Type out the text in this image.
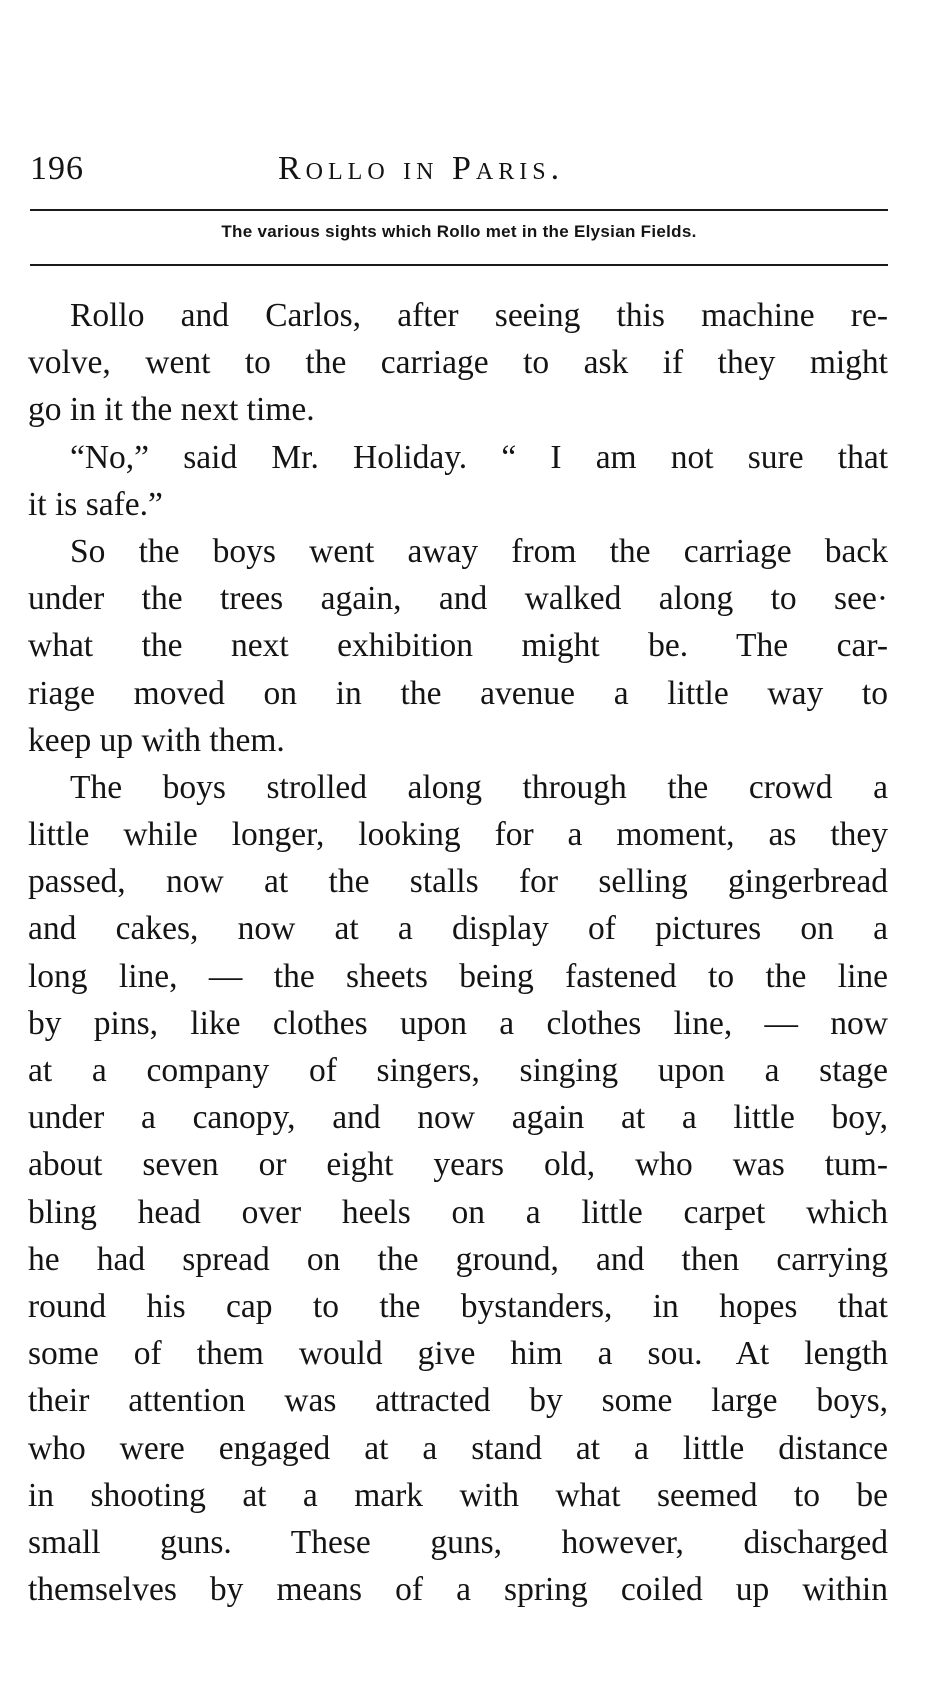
196	Rollo in Paris.
The various sights which Rollo met in the Elysian Fields.
Rollo and Carlos, after seeing this machine re-
volve, went to the carriage to ask if they might
go in it the next time.
“No,” said Mr. Holiday. “ I am not sure that
it is safe.”
So the boys went away from the carriage back
under the trees again, and walked along to see·
what the next exhibition might be. The car-
riage moved on in the avenue a little way to
keep up with them.
The boys strolled along through the crowd a
little while longer, looking for a moment, as they
passed, now at the stalls for selling gingerbread
and cakes, now at a display of pictures on a
long line, — the sheets being fastened to the line
by pins, like clothes upon a clothes line, — now
at a company of singers, singing upon a stage
under a canopy, and now again at a little boy,
about seven or eight years old, who was tum-
bling head over heels on a little carpet which
he had spread on the ground, and then carrying
round his cap to the bystanders, in hopes that
some of them would give him a sou. At length
their attention was attracted by some large boys,
who were engaged at a stand at a little distance
in shooting at a mark with what seemed to be
small guns. These guns, however, discharged
themselves by means of a spring coiled up within
